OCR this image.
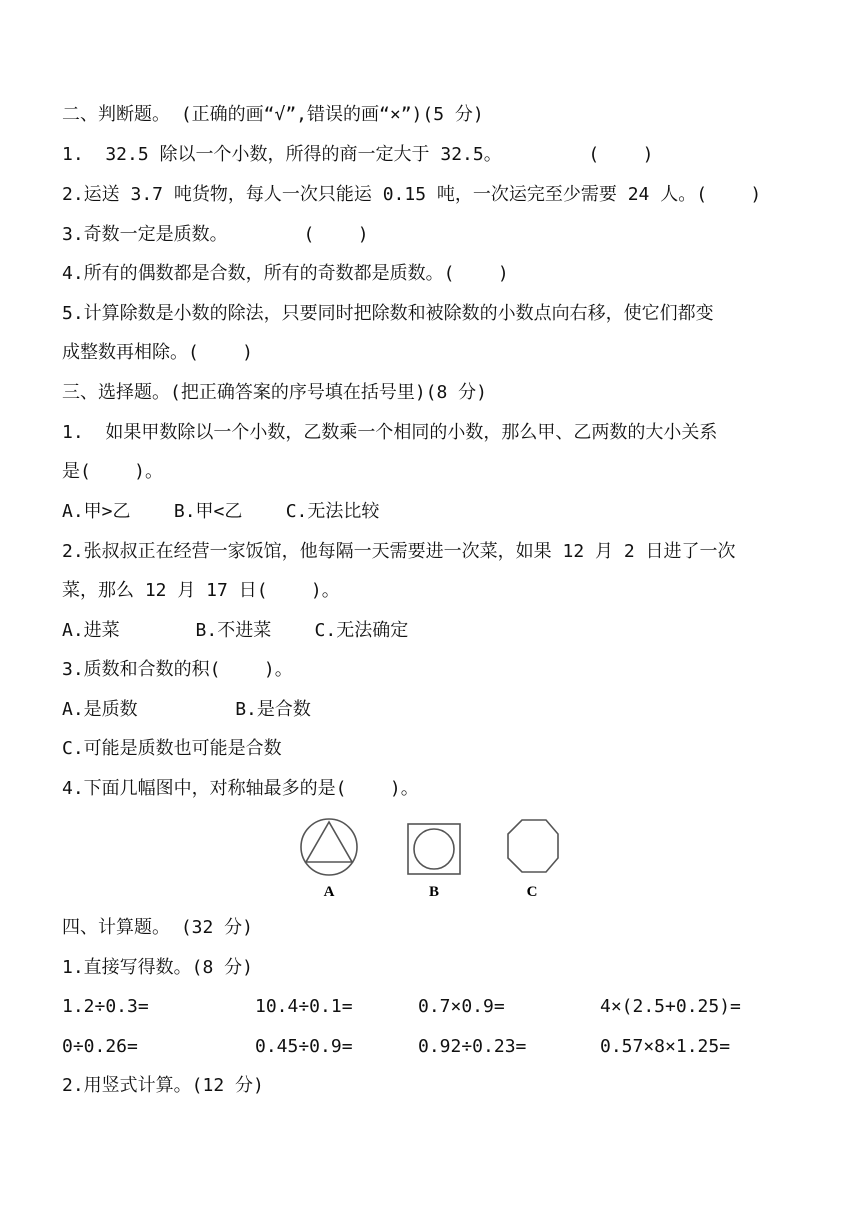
二、判断题。 (正确的画“√”,错误的画“×”)(5 分)
1.  32.5 除以一个小数，所得的商一定大于 32.5。        (    )
2.运送 3.7 吨货物，每人一次只能运 0.15 吨，一次运完至少需要 24 人。(    )
3.奇数一定是质数。       (    )
4.所有的偶数都是合数，所有的奇数都是质数。(    )
5.计算除数是小数的除法，只要同时把除数和被除数的小数点向右移，使它们都变
成整数再相除。(    )
三、选择题。(把正确答案的序号填在括号里)(8 分)
1.  如果甲数除以一个小数，乙数乘一个相同的小数，那么甲、乙两数的大小关系
是(    )。
A.甲>乙    B.甲<乙    C.无法比较
2.张叔叔正在经营一家饭馆，他每隔一天需要进一次菜，如果 12 月 2 日进了一次
菜，那么 12 月 17 日(    )。
A.进菜       B.不进菜    C.无法确定
3.质数和合数的积(    )。
A.是质数         B.是合数
C.可能是质数也可能是合数
4.下面几幅图中，对称轴最多的是(    )。
A	B	C
四、计算题。 (32 分)
1.直接写得数。(8 分)
1.2÷0.3=	10.4÷0.1=	0.7×0.9=	4×(2.5+0.25)=
0÷0.26=	0.45÷0.9=	0.92÷0.23=	0.57×8×1.25=
2.用竖式计算。(12 分)
